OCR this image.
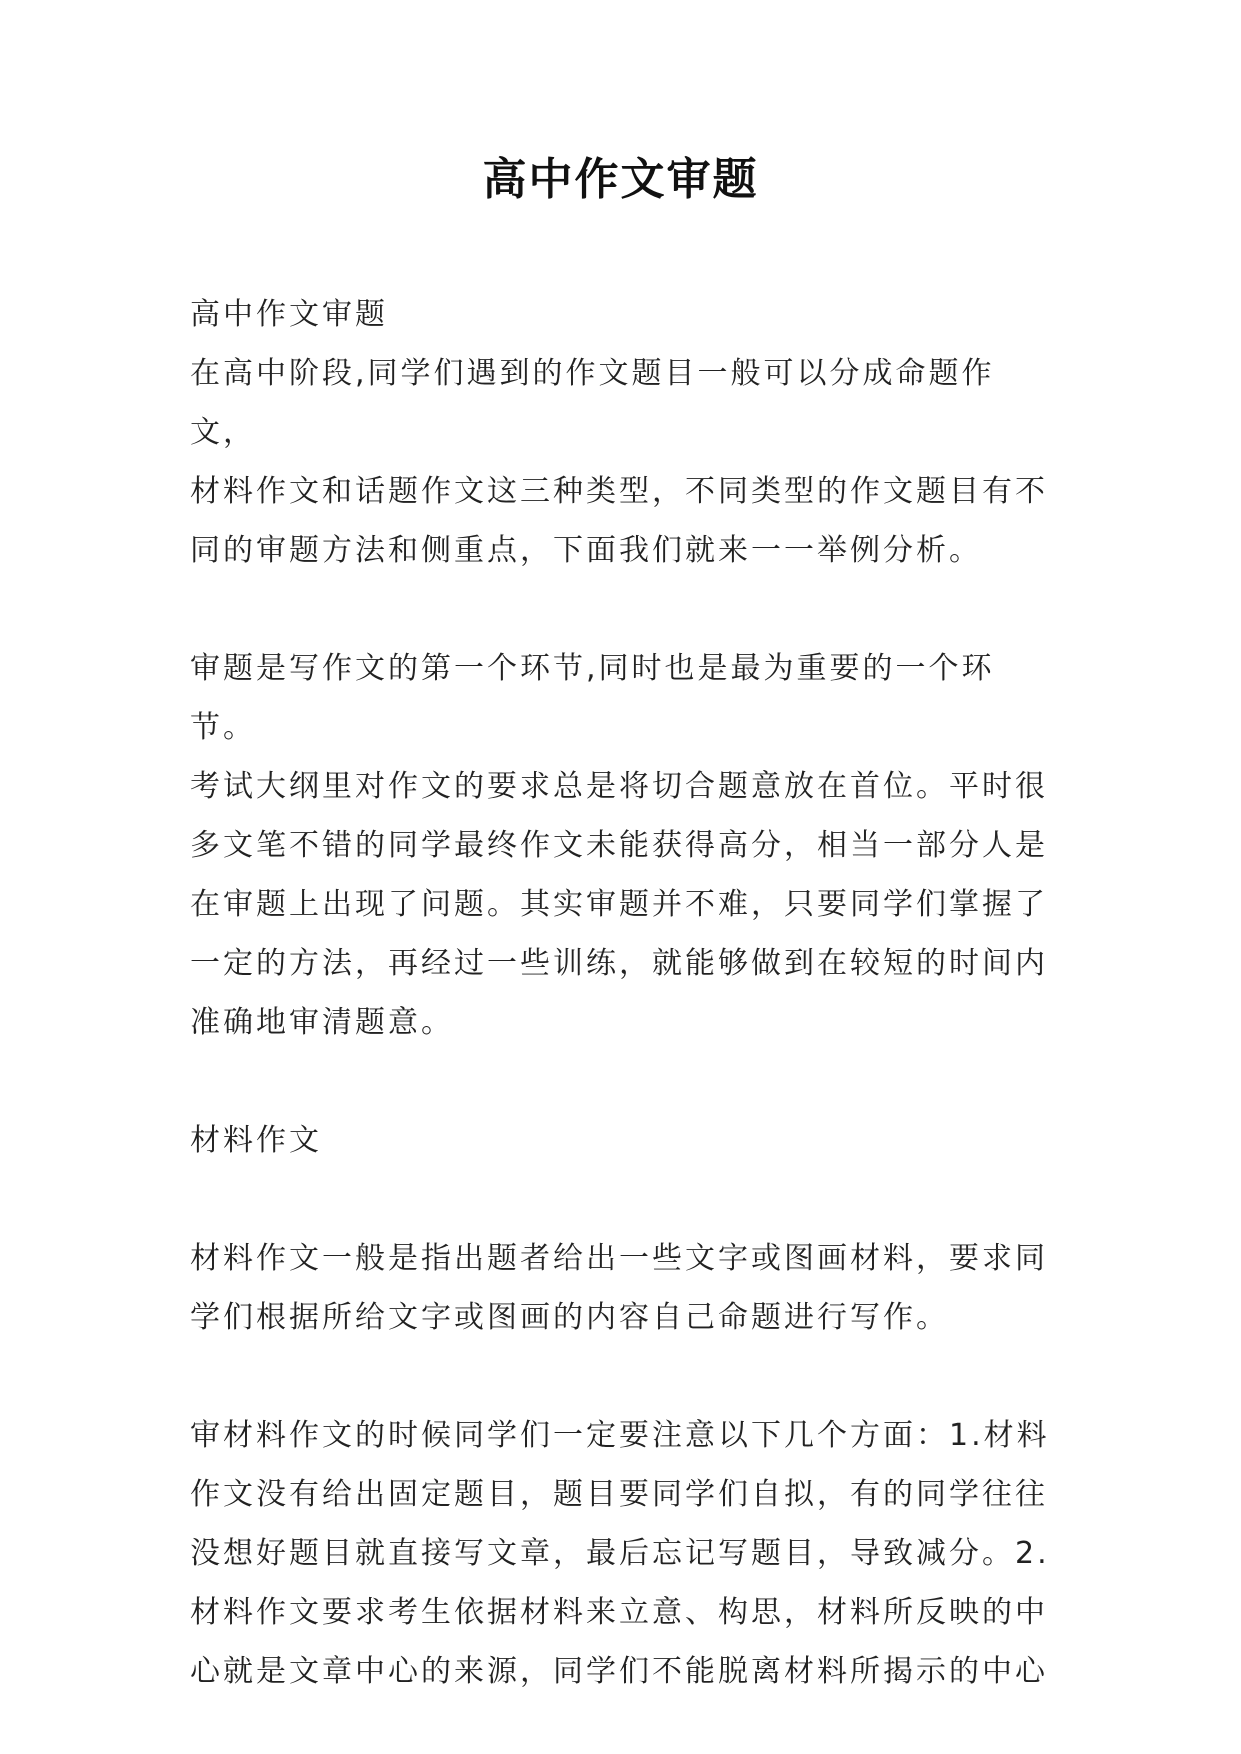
高中作文审题

高中作文审题

在高中阶段,同学们遇到的作文题目一般可以分成命题作文，
材料作文和话题作文这三种类型，不同类型的作文题目有不
同的审题方法和侧重点，下面我们就来一一举例分析。

审题是写作文的第一个环节,同时也是最为重要的一个环节。
考试大纲里对作文的要求总是将切合题意放在首位。平时很
多文笔不错的同学最终作文未能获得高分，相当一部分人是
在审题上出现了问题。其实审题并不难，只要同学们掌握了
一定的方法，再经过一些训练，就能够做到在较短的时间内
准确地审清题意。

材料作文

材料作文一般是指出题者给出一些文字或图画材料，要求同
学们根据所给文字或图画的内容自己命题进行写作。

审材料作文的时候同学们一定要注意以下几个方面：1.材料
作文没有给出固定题目，题目要同学们自拟，有的同学往往
没想好题目就直接写文章，最后忘记写题目，导致减分。2.
材料作文要求考生依据材料来立意、构思，材料所反映的中
心就是文章中心的来源，同学们不能脱离材料所揭示的中心
